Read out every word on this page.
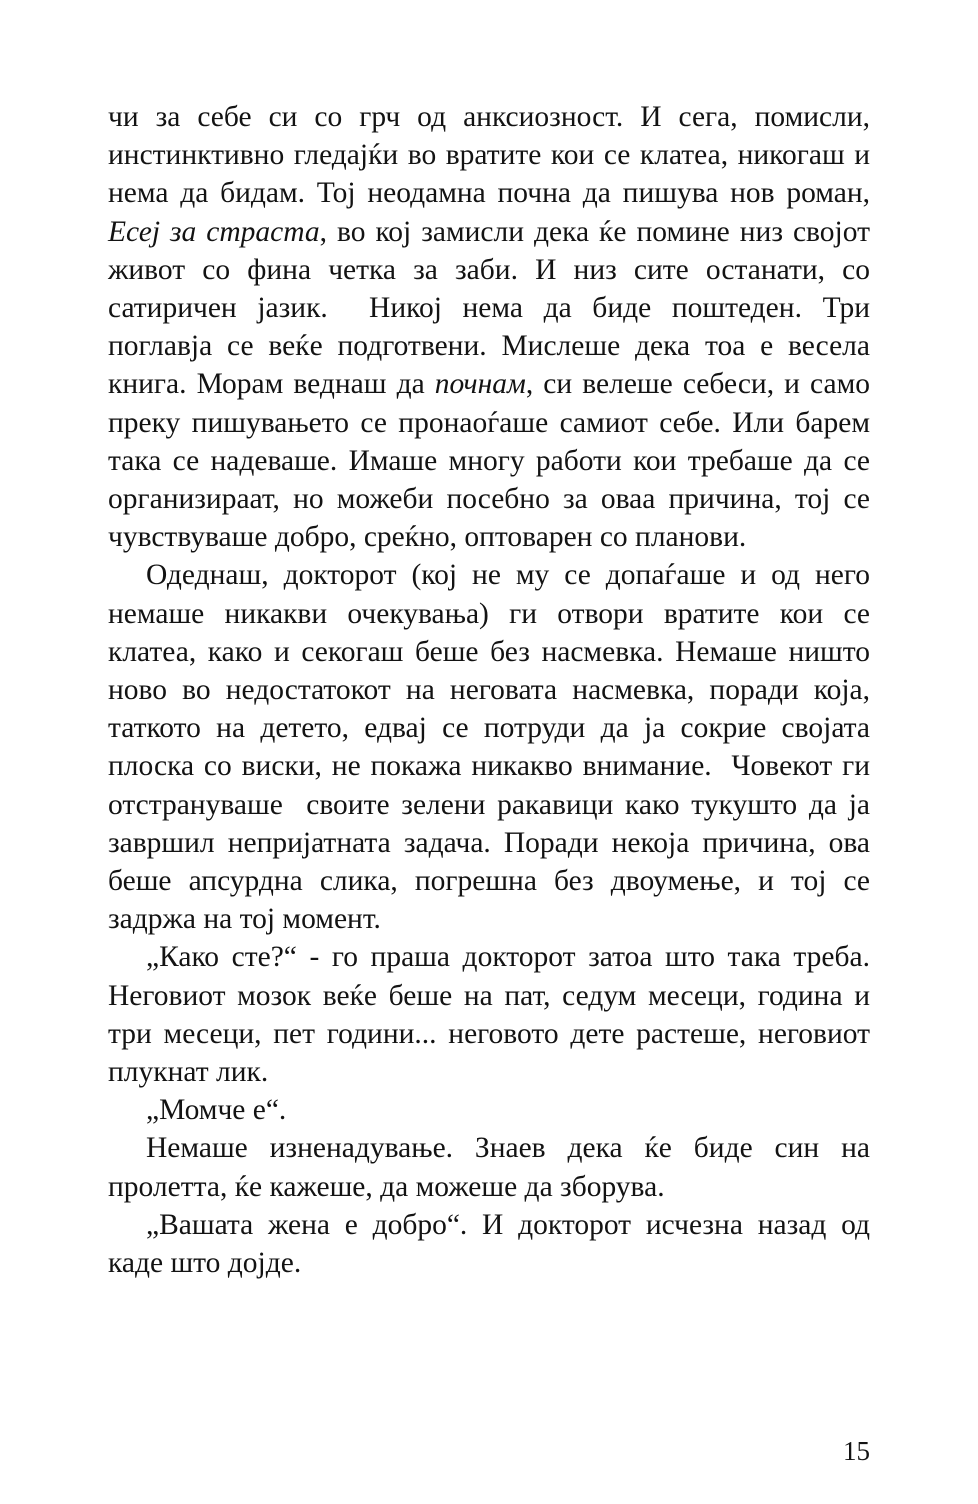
чи за себе си со грч од анксиозност. И сега, помисли, инстинктивно гледајќи во вратите кои се клатеа, никогаш и нема да бидам. Тој неодамна почна да пишува нов роман, Есеј за страста, во кој замисли дека ќе помине низ својот живот со фина четка за заби. И низ сите останати, со сатиричен јазик.  Никој нема да биде поштеден. Три поглавја се веќе подготвени. Мислеше дека тоа е весела книга. Морам веднаш да почнам, си велеше себеси, и само преку пишувањето се пронаоѓаше самиот себе. Или барем така се надеваше. Имаше многу работи кои требаше да се организираат, но можеби посебно за оваа причина, тој се чувствуваше добро, среќно, оптоварен со планови.

Одеднаш, докторот (кој не му се допаѓаше и од него немаше никакви очекувања) ги отвори вратите кои се клатеа, како и секогаш беше без насмевка. Немаше ништо ново во недостатокот на неговата насмевка, поради која, таткото на детето, едвај се потруди да ја сокрие својата плоска со виски, не покажа никакво внимание.  Човекот ги отстрануваше  своите зелени ракавици како тукушто да ја завршил непријатната задача. Поради некоја причина, ова беше апсурдна слика, погрешна без двоумење, и тој се задржа на тој момент.

„Како сте?“ - го праша докторот затоа што така треба. Неговиот мозок веќе беше на пат, седум месеци, година и три месеци, пет години... неговото дете растеше, неговиот плукнат лик.

„Момче е“.

Немаше изненадување. Знаев дека ќе биде син на пролетта, ќе кажеше, да можеше да зборува.

„Вашата жена е добро“. И докторот исчезна назад од каде што дојде.

15
